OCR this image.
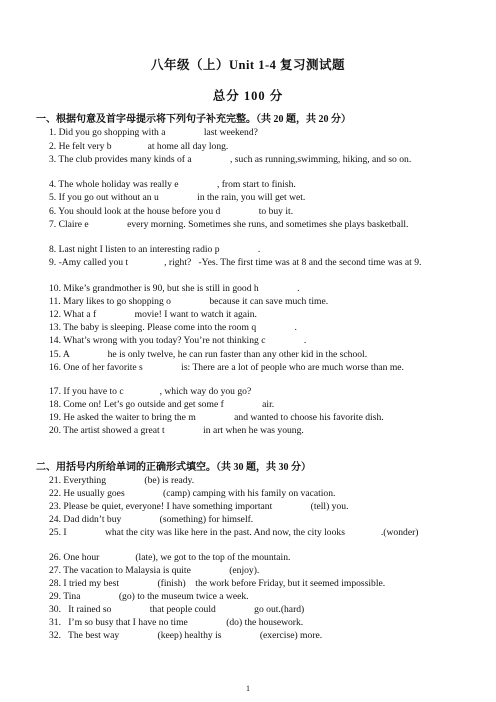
八年级（上）Unit 1-4 复习测试题
总分 100 分
一、根据句意及首字母提示将下列句子补充完整。（共 20 题，共 20 分）
1. Did you go shopping with a                last weekend?
2. He felt very b               at home all day long.
3. The club provides many kinds of a                , such as running,swimming, hiking, and so on.
4. The whole holiday was really e                , from start to finish.
5. If you go out without an u                in the rain, you will get wet.
6. You should look at the house before you d                to buy it.
7. Claire e                every morning. Sometimes she runs, and sometimes she plays basketball.
8. Last night I listen to an interesting radio p                .
9. -Amy called you t               , right?   -Yes. The first time was at 8 and the second time was at 9.
10. Mike’s grandmother is 90, but she is still in good h                .
11. Mary likes to go shopping o                because it can save much time.
12. What a f                movie! I want to watch it again.
13. The baby is sleeping. Please come into the room q                .
14. What’s wrong with you today? You’re not thinking c                .
15. A                he is only twelve, he can run faster than any other kid in the school.
16. One of her favorite s                is: There are a lot of people who are much worse than me.
17. If you have to c               , which way do you go?
18. Come on! Let’s go outside and get some f                air.
19. He asked the waiter to bring the m                and wanted to choose his favorite dish.
20. The artist showed a great t                in art when he was young.
二、用括号内所给单词的正确形式填空。（共 30 题，共 30 分）
21. Everything                (be) is ready.
22. He usually goes                (camp) camping with his family on vacation.
23. Please be quiet, everyone! I have something important                (tell) you.
24. Dad didn’t buy                (something) for himself.
25. I                what the city was like here in the past. And now, the city looks               .(wonder)
26. One hour               (late), we got to the top of the mountain.
27. The vacation to Malaysia is quite                (enjoy).
28. I tried my best                (finish)    the work before Friday, but it seemed impossible.
29. Tina                (go) to the museum twice a week.
30.   It rained so                that people could                go out.(hard)
31.   I’m so busy that I have no time                (do) the housework.
32.   The best way                (keep) healthy is                (exercise) more.
1
